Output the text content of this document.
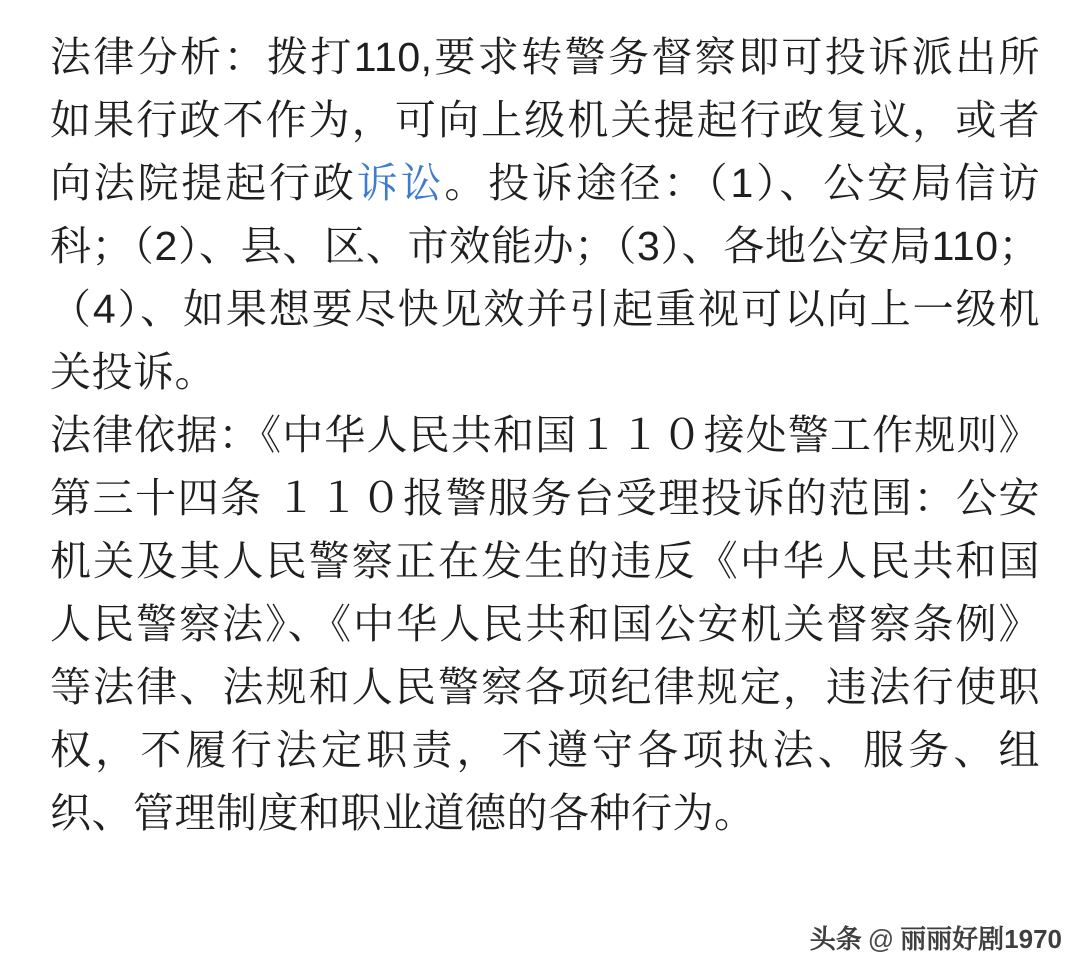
法律分析：拨打110,要求转警务督察即可投诉派出所如果行政不作为，可向上级机关提起行政复议，或者向法院提起行政诉讼。投诉途径：（1）、公安局信访科；（2）、县、区、市效能办；（3）、各地公安局110；（4）、如果想要尽快见效并引起重视可以向上一级机关投诉。

法律依据：《中华人民共和国１１０接处警工作规则》第三十四条 １１０报警服务台受理投诉的范围：公安机关及其人民警察正在发生的违反《中华人民共和国人民警察法》、《中华人民共和国公安机关督察条例》等法律、法规和人民警察各项纪律规定，违法行使职权，不履行法定职责，不遵守各项执法、服务、组织、管理制度和职业道德的各种行为。

头条 @ 丽丽好剧1970
